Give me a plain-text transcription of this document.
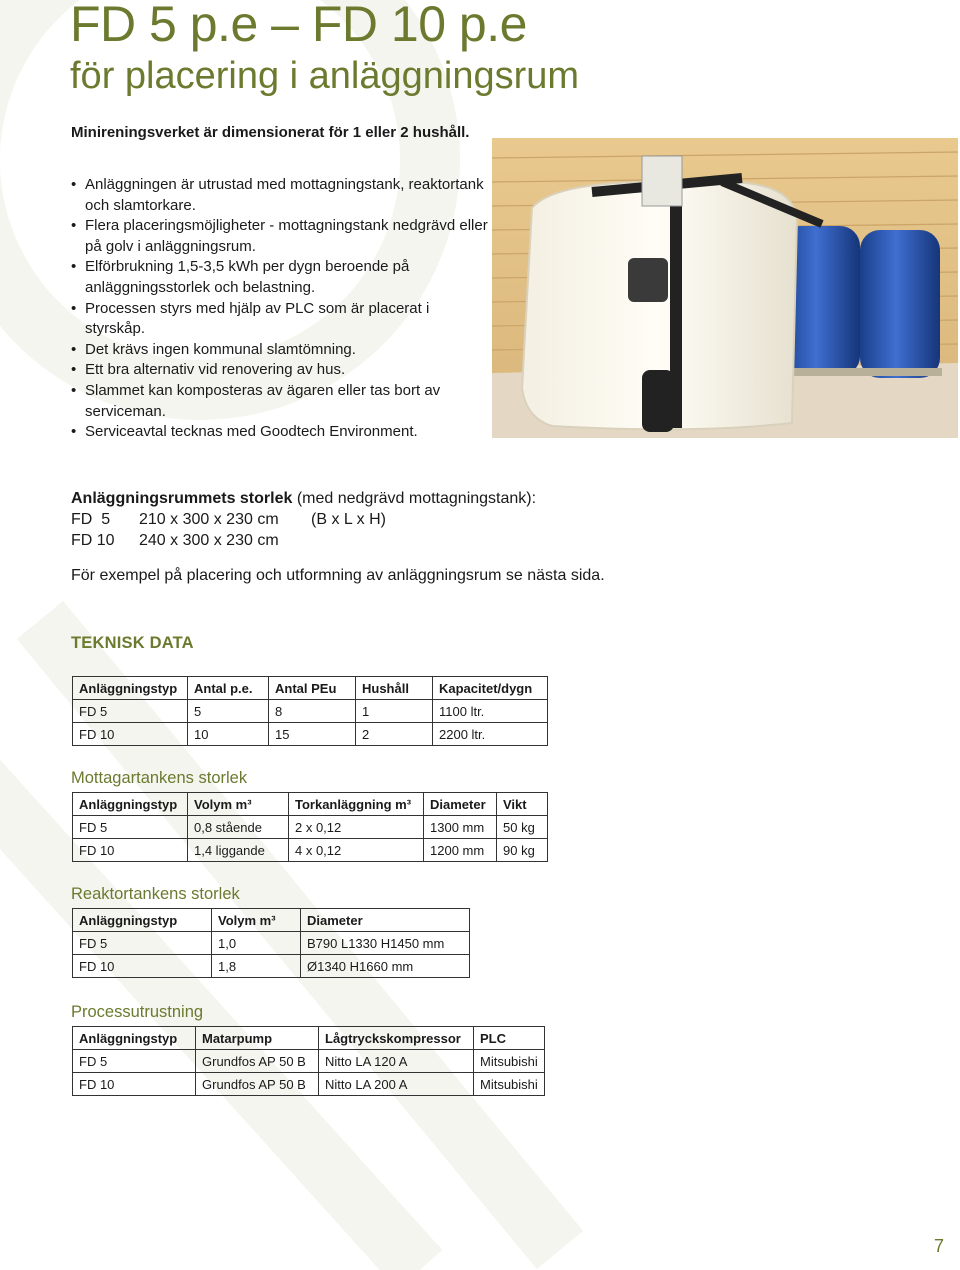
FD 5 p.e – FD 10 p.e
för placering i anläggningsrum
Minireningsverket är dimensionerat för 1 eller 2 hushåll.
• Anläggningen är utrustad med mottagningstank, reaktortank och slamtorkare.
• Flera placeringsmöjligheter - mottagningstank nedgrävd eller på golv i anläggningsrum.
• Elförbrukning 1,5-3,5 kWh per dygn beroende på anläggningsstorlek och belastning.
• Processen styrs med hjälp av PLC som är placerat i styrskåp.
• Det krävs ingen kommunal slamtömning.
• Ett bra alternativ vid renovering av hus.
• Slammet kan komposteras av ägaren eller tas bort av serviceman.
• Serviceavtal tecknas med Goodtech Environment.
Anläggningsrummets storlek (med nedgrävd mottagningstank):
FD  5 210 x 300 x 230 cm (B x L x H)
FD 10 240 x 300 x 230 cm
För exempel på placering och utformning av anläggningsrum se nästa sida.
TEKNISK DATA
Anläggningstyp	Antal p.e.	Antal PEu	Hushåll	Kapacitet/dygn
FD 5	5	8	1	1100 ltr.
FD 10	10	15	2	2200 ltr.
Mottagartankens storlek
Anläggningstyp	Volym m³	Torkanläggning m³	Diameter	Vikt
FD 5	0,8 stående	2 x 0,12	1300 mm	50 kg
FD 10	1,4 liggande	4 x 0,12	1200 mm	90 kg
Reaktortankens storlek
Anläggningstyp	Volym m³	Diameter
FD 5	1,0	B790 L1330 H1450 mm
FD 10	1,8	Ø1340 H1660 mm
Processutrustning
Anläggningstyp	Matarpump	Lågtryckskompressor	PLC
FD 5	Grundfos AP 50 B	Nitto LA 120 A	Mitsubishi
FD 10	Grundfos AP 50 B	Nitto LA 200 A	Mitsubishi
7
